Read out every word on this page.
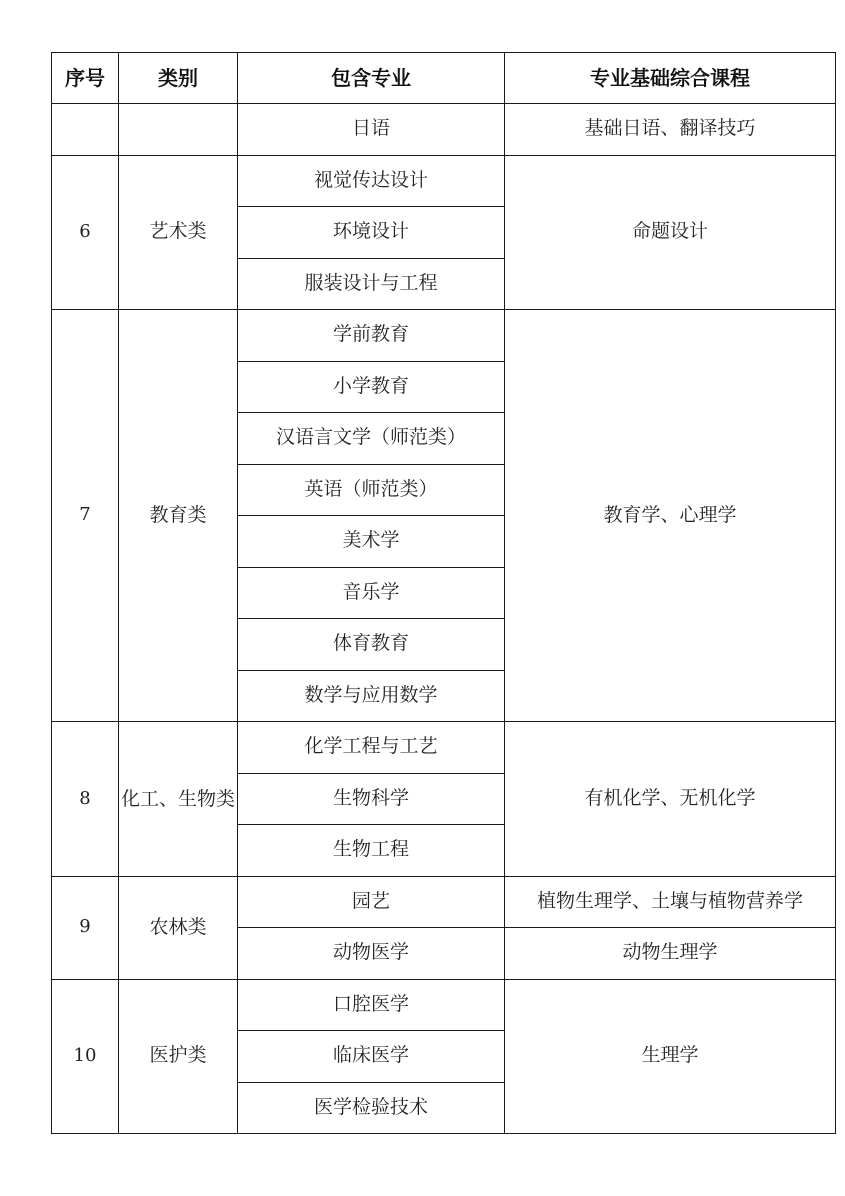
序号	类别	包含专业	专业基础综合课程
		日语	基础日语、翻译技巧
6	艺术类	视觉传达设计	命题设计
		环境设计	
		服装设计与工程	
7	教育类	学前教育	教育学、心理学
		小学教育	
		汉语言文学（师范类）	
		英语（师范类）	
		美术学	
		音乐学	
		体育教育	
		数学与应用数学	
8	化工、生物类	化学工程与工艺	有机化学、无机化学
		生物科学	
		生物工程	
9	农林类	园艺	植物生理学、土壤与植物营养学
		动物医学	动物生理学
10	医护类	口腔医学	生理学
		临床医学	
		医学检验技术	
